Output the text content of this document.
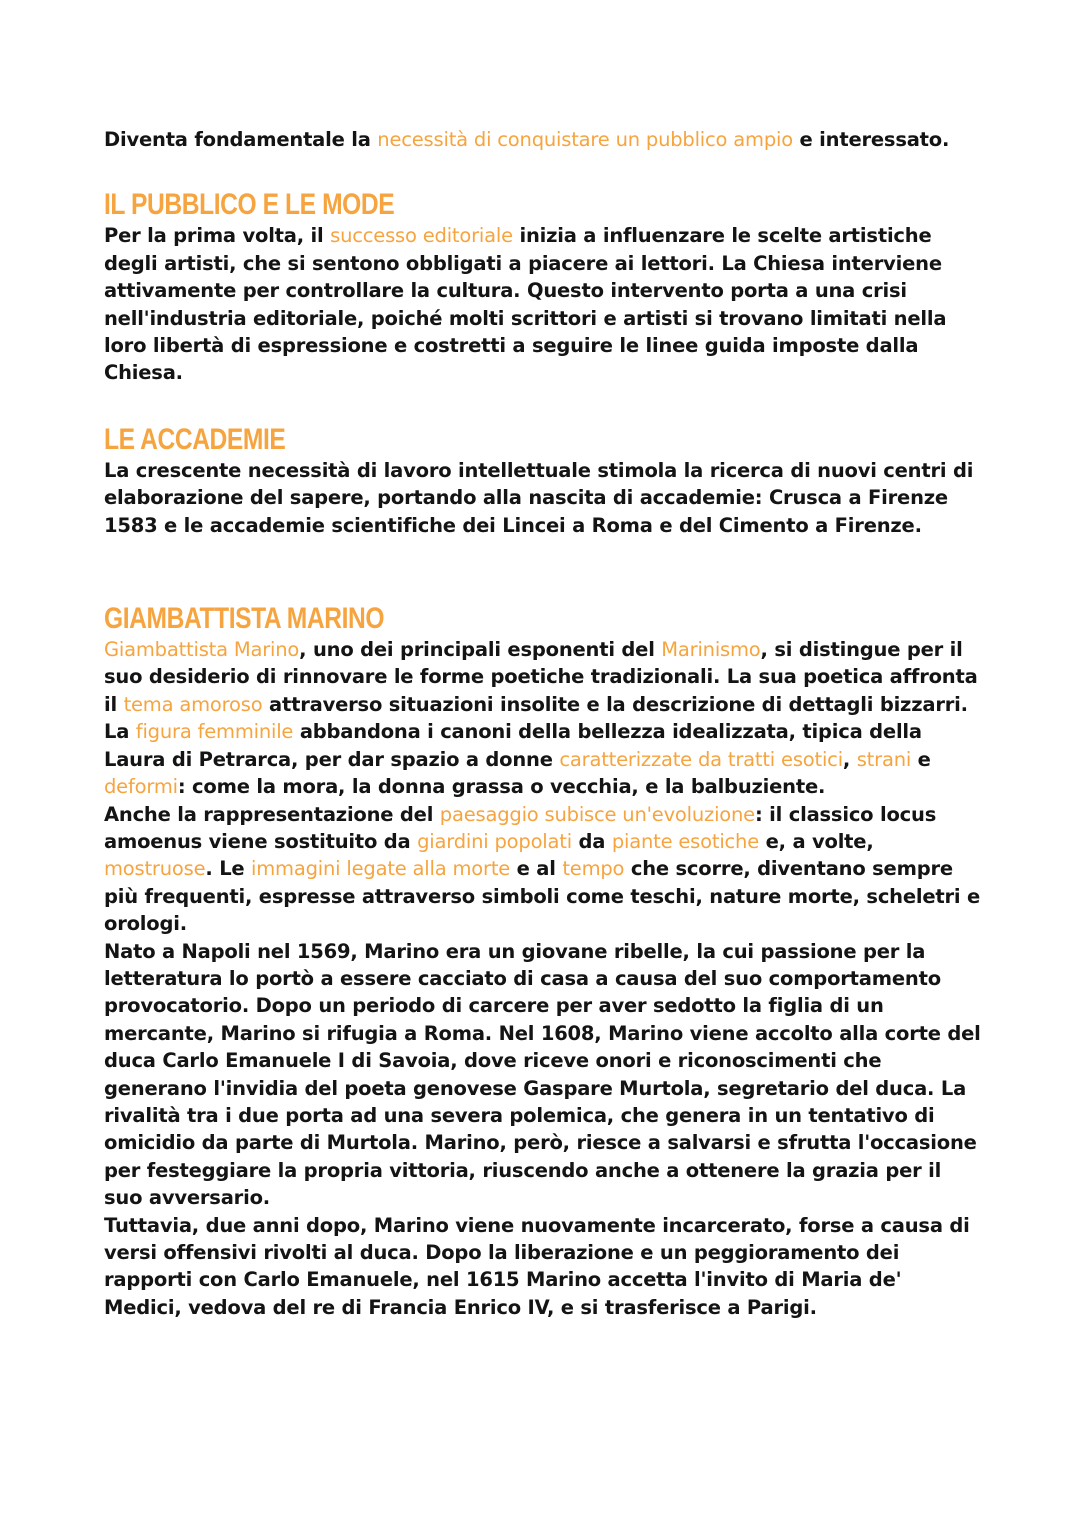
Diventa fondamentale la necessità di conquistare un pubblico ampio e interessato.

IL PUBBLICO E LE MODE

Per la prima volta, il successo editoriale inizia a influenzare le scelte artistiche degli artisti, che si sentono obbligati a piacere ai lettori. La Chiesa interviene attivamente per controllare la cultura. Questo intervento porta a una crisi nell'industria editoriale, poiché molti scrittori e artisti si trovano limitati nella loro libertà di espressione e costretti a seguire le linee guida imposte dalla Chiesa.

LE ACCADEMIE

La crescente necessità di lavoro intellettuale stimola la ricerca di nuovi centri di elaborazione del sapere, portando alla nascita di accademie: Crusca a Firenze 1583 e le accademie scientifiche dei Lincei a Roma e del Cimento a Firenze.

GIAMBATTISTA MARINO

Giambattista Marino, uno dei principali esponenti del Marinismo, si distingue per il suo desiderio di rinnovare le forme poetiche tradizionali. La sua poetica affronta il tema amoroso attraverso situazioni insolite e la descrizione di dettagli bizzarri. La figura femminile abbandona i canoni della bellezza idealizzata, tipica della Laura di Petrarca, per dar spazio a donne caratterizzate da tratti esotici, strani e deformi: come la mora, la donna grassa o vecchia, e la balbuziente.
Anche la rappresentazione del paesaggio subisce un'evoluzione: il classico locus amoenus viene sostituito da giardini popolati da piante esotiche e, a volte, mostruose. Le immagini legate alla morte e al tempo che scorre, diventano sempre più frequenti, espresse attraverso simboli come teschi, nature morte, scheletri e orologi.
Nato a Napoli nel 1569, Marino era un giovane ribelle, la cui passione per la letteratura lo portò a essere cacciato di casa a causa del suo comportamento provocatorio. Dopo un periodo di carcere per aver sedotto la figlia di un mercante, Marino si rifugia a Roma. Nel 1608, Marino viene accolto alla corte del duca Carlo Emanuele I di Savoia, dove riceve onori e riconoscimenti che generano l'invidia del poeta genovese Gaspare Murtola, segretario del duca. La rivalità tra i due porta ad una severa polemica, che genera in un tentativo di omicidio da parte di Murtola. Marino, però, riesce a salvarsi e sfrutta l'occasione per festeggiare la propria vittoria, riuscendo anche a ottenere la grazia per il suo avversario.
Tuttavia, due anni dopo, Marino viene nuovamente incarcerato, forse a causa di versi offensivi rivolti al duca. Dopo la liberazione e un peggioramento dei rapporti con Carlo Emanuele, nel 1615 Marino accetta l'invito di Maria de' Medici, vedova del re di Francia Enrico IV, e si trasferisce a Parigi.
